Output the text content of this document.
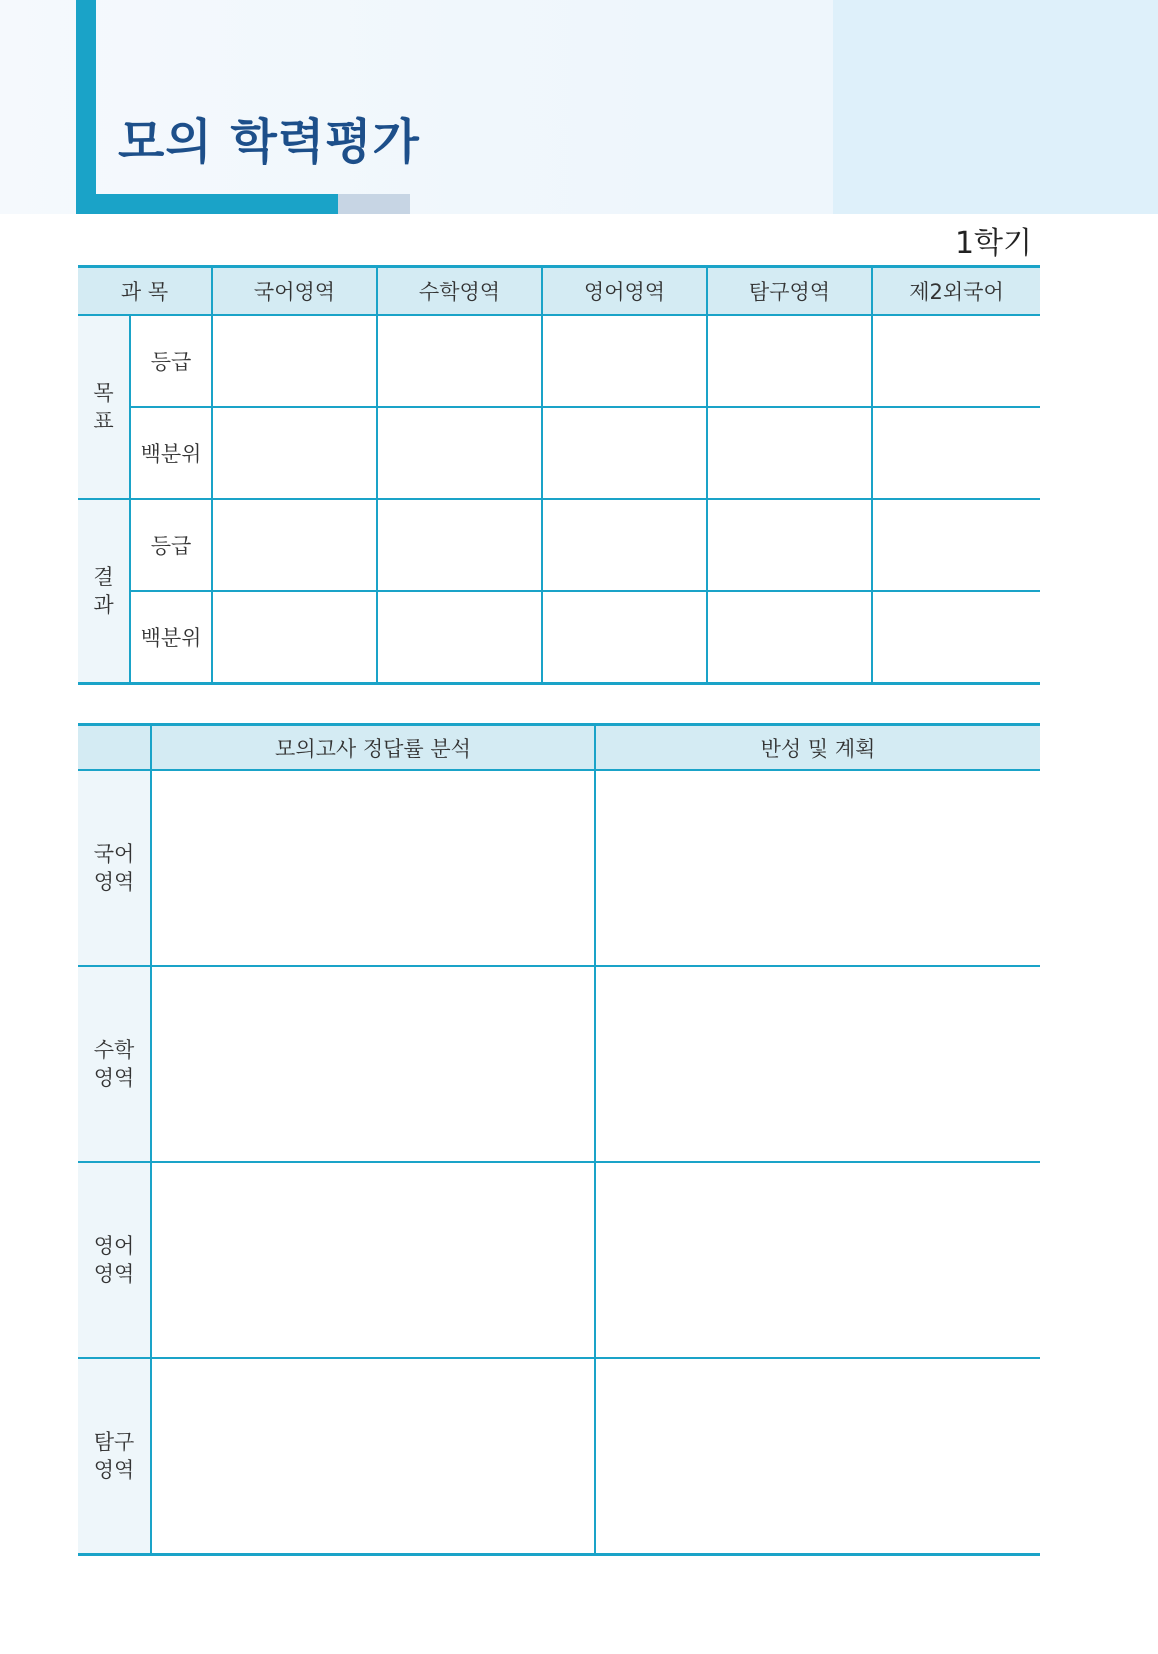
모의 학력평가
1학기
과 목		국어영역	수학영역	영어영역	탐구영역	제2외국어
목
표	등급					
	백분위					
결
과	등급					
	백분위					
	모의고사 정답률 분석	반성 및 계획
국어
영역		
수학
영역		
영어
영역		
탐구
영역		
